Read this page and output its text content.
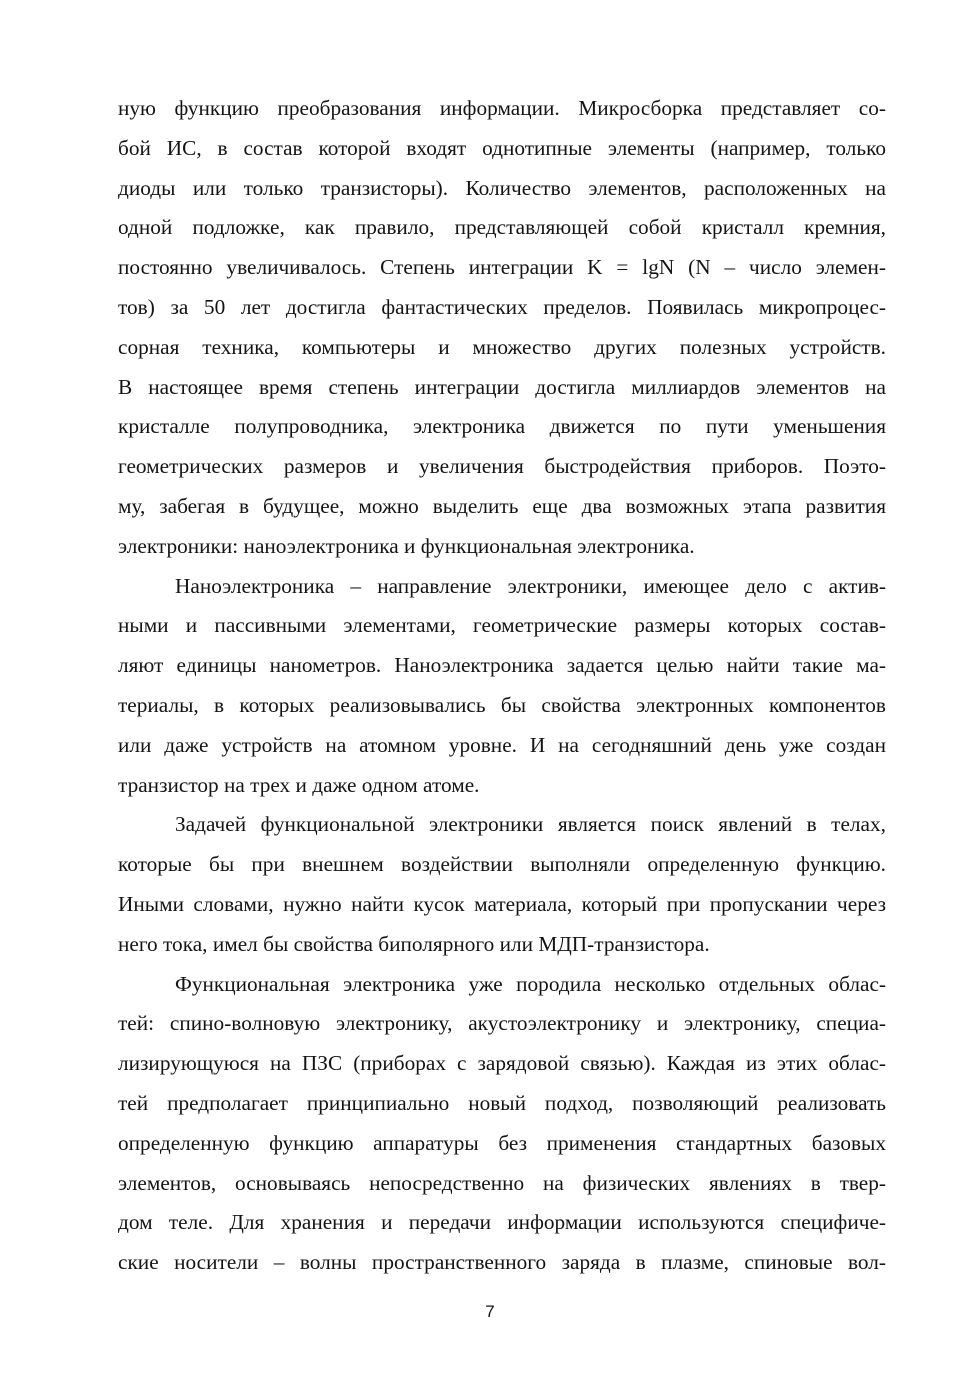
ную функцию преобразования информации. Микросборка представляет со-
бой ИС, в состав которой входят однотипные элементы (например, только
диоды или только транзисторы). Количество элементов, расположенных на
одной подложке, как правило, представляющей собой кристалл кремния,
постоянно увеличивалось. Степень интеграции K = lgN (N – число элемен-
тов) за 50 лет достигла фантастических пределов. Появилась микропроцес-
сорная техника, компьютеры и множество других полезных устройств.
В настоящее время степень интеграции достигла миллиардов элементов на
кристалле полупроводника, электроника движется по пути уменьшения
геометрических размеров и увеличения быстродействия приборов. Поэто-
му, забегая в будущее, можно выделить еще два возможных этапа развития
электроники: наноэлектроника и функциональная электроника.
Наноэлектроника – направление электроники, имеющее дело с актив-
ными и пассивными элементами, геометрические размеры которых состав-
ляют единицы нанометров. Наноэлектроника задается целью найти такие ма-
териалы, в которых реализовывались бы свойства электронных компонентов
или даже устройств на атомном уровне. И на сегодняшний день уже создан
транзистор на трех и даже одном атоме.
Задачей функциональной электроники является поиск явлений в телах,
которые бы при внешнем воздействии выполняли определенную функцию.
Иными словами, нужно найти кусок материала, который при пропускании через
него тока, имел бы свойства биполярного или МДП-транзистора.
Функциональная электроника уже породила несколько отдельных облас-
тей: спино-волновую электронику, акустоэлектронику и электронику, специа-
лизирующуюся на ПЗС (приборах с зарядовой связью). Каждая из этих облас-
тей предполагает принципиально новый подход, позволяющий реализовать
определенную функцию аппаратуры без применения стандартных базовых
элементов, основываясь непосредственно на физических явлениях в твер-
дом теле. Для хранения и передачи информации используются специфиче-
ские носители – волны пространственного заряда в плазме, спиновые вол-
7
